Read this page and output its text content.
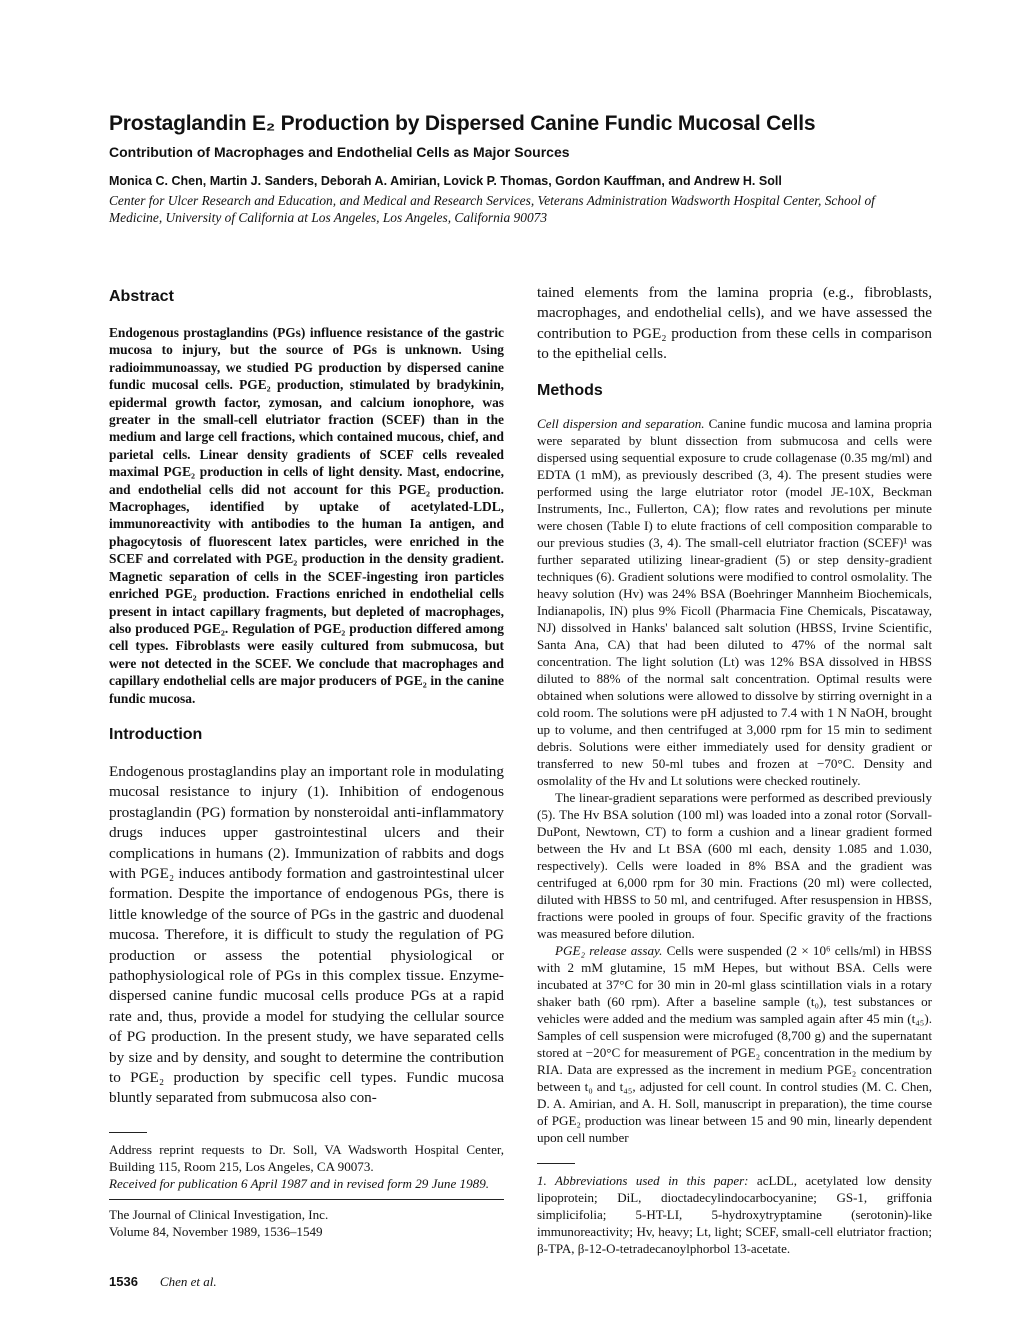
Prostaglandin E₂ Production by Dispersed Canine Fundic Mucosal Cells
Contribution of Macrophages and Endothelial Cells as Major Sources
Monica C. Chen, Martin J. Sanders, Deborah A. Amirian, Lovick P. Thomas, Gordon Kauffman, and Andrew H. Soll

Center for Ulcer Research and Education, and Medical and Research Services, Veterans Administration Wadsworth Hospital Center, School of Medicine, University of California at Los Angeles, Los Angeles, California 90073

Abstract

Endogenous prostaglandins (PGs) influence resistance of the gastric mucosa to injury, but the source of PGs is unknown. Using radioimmunoassay, we studied PG production by dispersed canine fundic mucosal cells. PGE₂ production, stimulated by bradykinin, epidermal growth factor, zymosan, and calcium ionophore, was greater in the small-cell elutriator fraction (SCEF) than in the medium and large cell fractions, which contained mucous, chief, and parietal cells. Linear density gradients of SCEF cells revealed maximal PGE₂ production in cells of light density. Mast, endocrine, and endothelial cells did not account for this PGE₂ production. Macrophages, identified by uptake of acetylated-LDL, immunoreactivity with antibodies to the human Ia antigen, and phagocytosis of fluorescent latex particles, were enriched in the SCEF and correlated with PGE₂ production in the density gradient. Magnetic separation of cells in the SCEF-ingesting iron particles enriched PGE₂ production. Fractions enriched in endothelial cells present in intact capillary fragments, but depleted of macrophages, also produced PGE₂. Regulation of PGE₂ production differed among cell types. Fibroblasts were easily cultured from submucosa, but were not detected in the SCEF. We conclude that macrophages and capillary endothelial cells are major producers of PGE₂ in the canine fundic mucosa.

Introduction

Endogenous prostaglandins play an important role in modulating mucosal resistance to injury (1). Inhibition of endogenous prostaglandin (PG) formation by nonsteroidal anti-inflammatory drugs induces upper gastrointestinal ulcers and their complications in humans (2). Immunization of rabbits and dogs with PGE₂ induces antibody formation and gastrointestinal ulcer formation. Despite the importance of endogenous PGs, there is little knowledge of the source of PGs in the gastric and duodenal mucosa. Therefore, it is difficult to study the regulation of PG production or assess the potential physiological or pathophysiological role of PGs in this complex tissue. Enzyme-dispersed canine fundic mucosal cells produce PGs at a rapid rate and, thus, provide a model for studying the cellular source of PG production. In the present study, we have separated cells by size and by density, and sought to determine the contribution to PGE₂ production by specific cell types. Fundic mucosa bluntly separated from submucosa also con-

Address reprint requests to Dr. Soll, VA Wadsworth Hospital Center, Building 115, Room 215, Los Angeles, CA 90073.
Received for publication 6 April 1987 and in revised form 29 June 1989.

The Journal of Clinical Investigation, Inc.
Volume 84, November 1989, 1536–1549

tained elements from the lamina propria (e.g., fibroblasts, macrophages, and endothelial cells), and we have assessed the contribution to PGE₂ production from these cells in comparison to the epithelial cells.

Methods

Cell dispersion and separation. Canine fundic mucosa and lamina propria were separated by blunt dissection from submucosa and cells were dispersed using sequential exposure to crude collagenase (0.35 mg/ml) and EDTA (1 mM), as previously described (3, 4). The present studies were performed using the large elutriator rotor (model JE-10X, Beckman Instruments, Inc., Fullerton, CA); flow rates and revolutions per minute were chosen (Table I) to elute fractions of cell composition comparable to our previous studies (3, 4). The small-cell elutriator fraction (SCEF)¹ was further separated utilizing linear-gradient (5) or step density-gradient techniques (6). Gradient solutions were modified to control osmolality. The heavy solution (Hv) was 24% BSA (Boehringer Mannheim Biochemicals, Indianapolis, IN) plus 9% Ficoll (Pharmacia Fine Chemicals, Piscataway, NJ) dissolved in Hanks' balanced salt solution (HBSS, Irvine Scientific, Santa Ana, CA) that had been diluted to 47% of the normal salt concentration. The light solution (Lt) was 12% BSA dissolved in HBSS diluted to 88% of the normal salt concentration. Optimal results were obtained when solutions were allowed to dissolve by stirring overnight in a cold room. The solutions were pH adjusted to 7.4 with 1 N NaOH, brought up to volume, and then centrifuged at 3,000 rpm for 15 min to sediment debris. Solutions were either immediately used for density gradient or transferred to new 50-ml tubes and frozen at −70°C. Density and osmolality of the Hv and Lt solutions were checked routinely.

The linear-gradient separations were performed as described previously (5). The Hv BSA solution (100 ml) was loaded into a zonal rotor (Sorvall-DuPont, Newtown, CT) to form a cushion and a linear gradient formed between the Hv and Lt BSA (600 ml each, density 1.085 and 1.030, respectively). Cells were loaded in 8% BSA and the gradient was centrifuged at 6,000 rpm for 30 min. Fractions (20 ml) were collected, diluted with HBSS to 50 ml, and centrifuged. After resuspension in HBSS, fractions were pooled in groups of four. Specific gravity of the fractions was measured before dilution.

PGE₂ release assay. Cells were suspended (2 × 10⁶ cells/ml) in HBSS with 2 mM glutamine, 15 mM Hepes, but without BSA. Cells were incubated at 37°C for 30 min in 20-ml glass scintillation vials in a rotary shaker bath (60 rpm). After a baseline sample (t₀), test substances or vehicles were added and the medium was sampled again after 45 min (t₄₅). Samples of cell suspension were microfuged (8,700 g) and the supernatant stored at −20°C for measurement of PGE₂ concentration in the medium by RIA. Data are expressed as the increment in medium PGE₂ concentration between t₀ and t₄₅, adjusted for cell count. In control studies (M. C. Chen, D. A. Amirian, and A. H. Soll, manuscript in preparation), the time course of PGE₂ production was linear between 15 and 90 min, linearly dependent upon cell number

1. Abbreviations used in this paper: acLDL, acetylated low density lipoprotein; DiL, dioctadecylindocarbocyanine; GS-1, griffonia simplicifolia; 5-HT-LI, 5-hydroxytryptamine (serotonin)-like immunoreactivity; Hv, heavy; Lt, light; SCEF, small-cell elutriator fraction; β-TPA, β-12-O-tetradecanoylphorbol 13-acetate.

1536 Chen et al.
